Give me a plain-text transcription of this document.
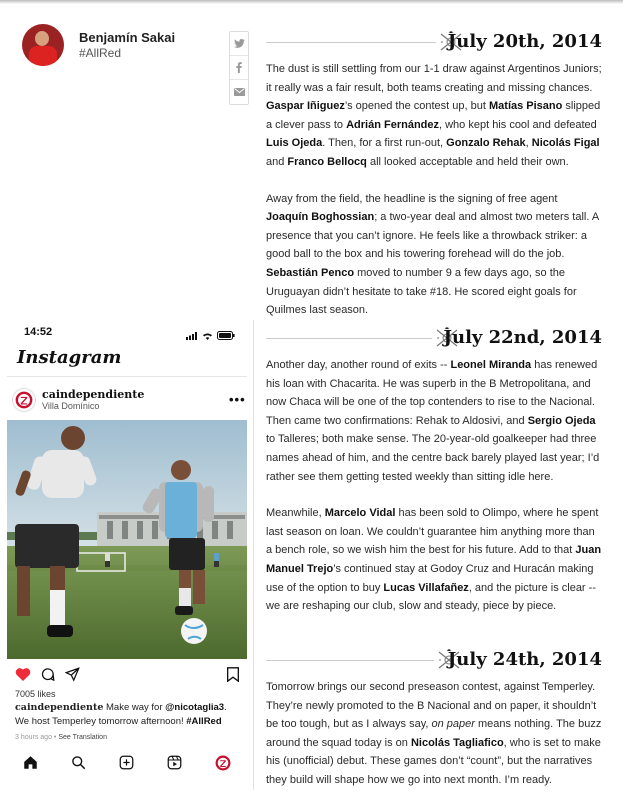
Benjamín Sakai
#AllRed
July 20th, 2014

The dust is still settling from our 1-1 draw against Argentinos Juniors; it really was a fair result, both teams creating and missing chances. Gaspar Iñiguez’s opened the contest up, but Matías Pisano slipped a clever pass to Adrián Fernández, who kept his cool and defeated Luis Ojeda. Then, for a first run-out, Gonzalo Rehak, Nicolás Figal and Franco Bellocq all looked acceptable and held their own.

Away from the field, the headline is the signing of free agent Joaquín Boghossian; a two-year deal and almost two meters tall. A presence that you can’t ignore. He feels like a throwback striker: a good ball to the box and his towering forehead will do the job. Sebastián Penco moved to number 9 a few days ago, so the Uruguayan didn’t hesitate to take #18. He scored eight goals for Quilmes last season.

July 22nd, 2014

Another day, another round of exits -- Leonel Miranda has renewed his loan with Chacarita. He was superb in the B Metropolitana, and now Chaca will be one of the top contenders to rise to the Nacional. Then came two confirmations: Rehak to Aldosivi, and Sergio Ojeda to Talleres; both make sense. The 20-year-old goalkeeper had three names ahead of him, and the centre back barely played last year; I’d rather see them getting tested weekly than sitting idle here.

Meanwhile, Marcelo Vidal has been sold to Olimpo, where he spent last season on loan. We couldn’t guarantee him anything more than a bench role, so we wish him the best for his future. Add to that Juan Manuel Trejo’s continued stay at Godoy Cruz and Huracán making use of the option to buy Lucas Villafañez, and the picture is clear -- we are reshaping our club, slow and steady, piece by piece.

July 24th, 2014

Tomorrow brings our second preseason contest, against Temperley. They’re newly promoted to the B Nacional and on paper, it shouldn’t be too tough, but as I always say, on paper means nothing. The buzz around the squad today is on Nicolás Tagliafico, who is set to make his (unofficial) debut. These games don’t “count”, but the narratives they build will shape how we go into next month. I’m ready.

14:52
Instagram
caindependiente
Villa Domínico	•••
7005 likes
caindependiente Make way for @nicotaglia3. We host Temperley tomorrow afternoon! #AllRed
3 hours ago • See Translation
